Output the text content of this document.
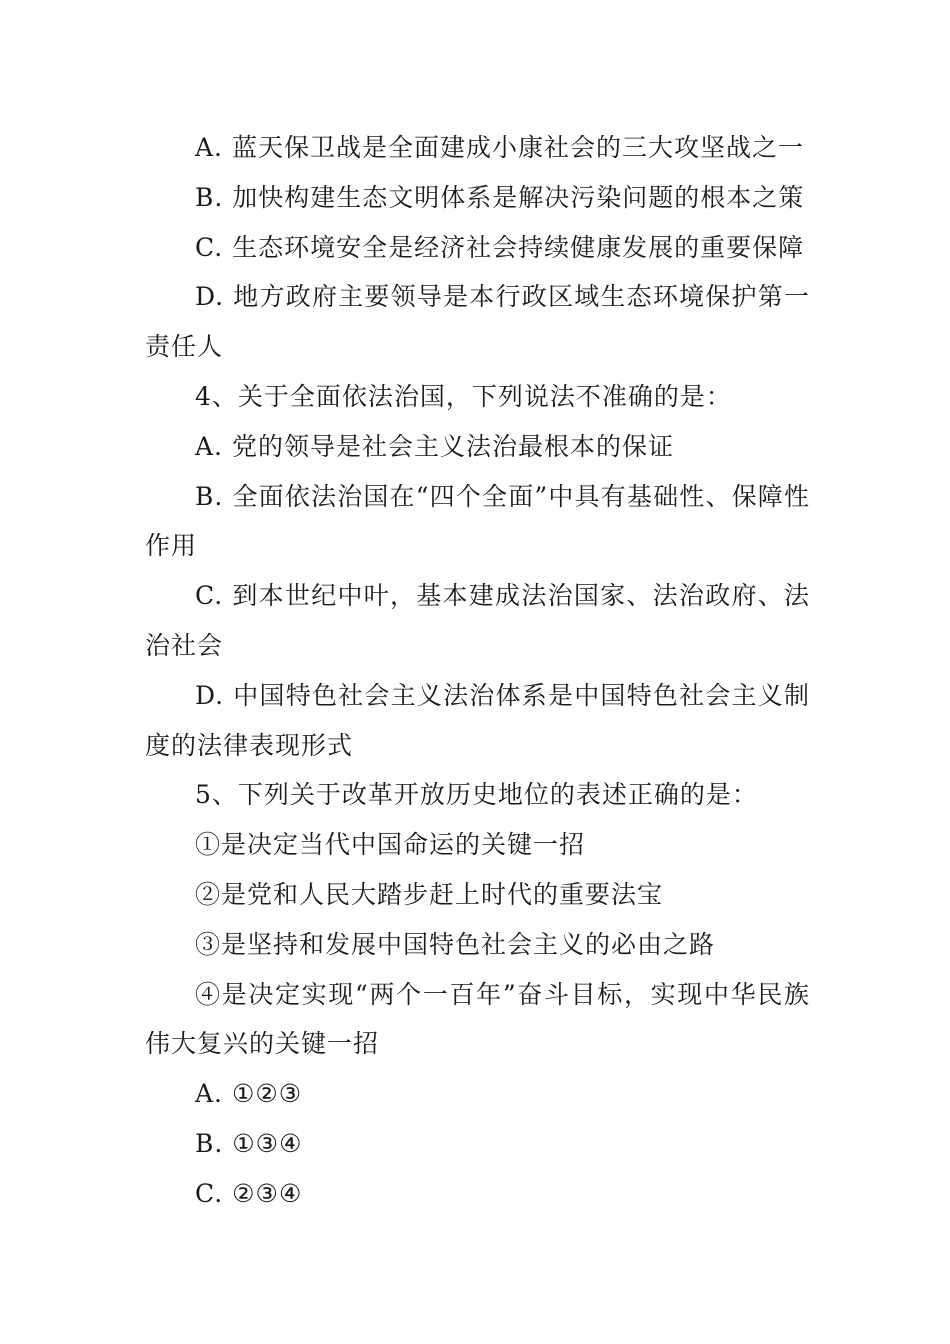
A. 蓝天保卫战是全面建成小康社会的三大攻坚战之一

B. 加快构建生态文明体系是解决污染问题的根本之策

C. 生态环境安全是经济社会持续健康发展的重要保障

D. 地方政府主要领导是本行政区域生态环境保护第一责任人

4、关于全面依法治国，下列说法不准确的是：

A. 党的领导是社会主义法治最根本的保证

B. 全面依法治国在“四个全面”中具有基础性、保障性作用

C. 到本世纪中叶，基本建成法治国家、法治政府、法治社会

D. 中国特色社会主义法治体系是中国特色社会主义制度的法律表现形式

5、下列关于改革开放历史地位的表述正确的是：

①是决定当代中国命运的关键一招

②是党和人民大踏步赶上时代的重要法宝

③是坚持和发展中国特色社会主义的必由之路

④是决定实现“两个一百年”奋斗目标，实现中华民族伟大复兴的关键一招

A. ①②③

B. ①③④

C. ②③④
